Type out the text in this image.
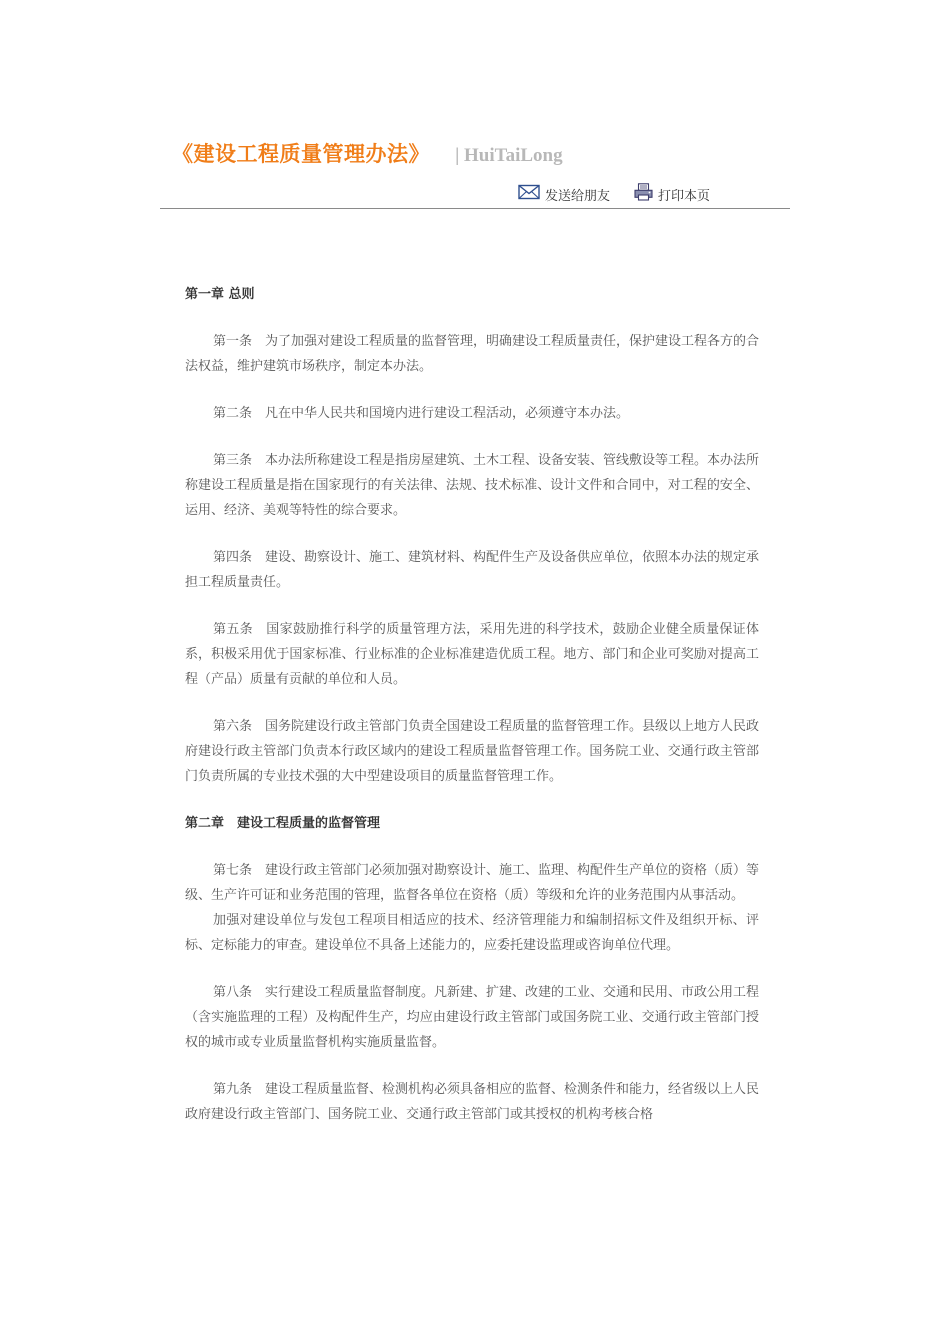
《建设工程质量管理办法》 | HuiTaiLong
发送给朋友	打印本页

第一章 总则

第一条　为了加强对建设工程质量的监督管理，明确建设工程质量责任，保护建设工程各方的合法权益，维护建筑市场秩序，制定本办法。

第二条　凡在中华人民共和国境内进行建设工程活动，必须遵守本办法。

第三条　本办法所称建设工程是指房屋建筑、土木工程、设备安装、管线敷设等工程。本办法所称建设工程质量是指在国家现行的有关法律、法规、技术标准、设计文件和合同中，对工程的安全、运用、经济、美观等特性的综合要求。

第四条　建设、勘察设计、施工、建筑材料、构配件生产及设备供应单位，依照本办法的规定承担工程质量责任。

第五条　国家鼓励推行科学的质量管理方法，采用先进的科学技术，鼓励企业健全质量保证体系，积极采用优于国家标准、行业标准的企业标准建造优质工程。地方、部门和企业可奖励对提高工程（产品）质量有贡献的单位和人员。

第六条　国务院建设行政主管部门负责全国建设工程质量的监督管理工作。县级以上地方人民政府建设行政主管部门负责本行政区域内的建设工程质量监督管理工作。国务院工业、交通行政主管部门负责所属的专业技术强的大中型建设项目的质量监督管理工作。

第二章　建设工程质量的监督管理

第七条　建设行政主管部门必须加强对勘察设计、施工、监理、构配件生产单位的资格（质）等级、生产许可证和业务范围的管理，监督各单位在资格（质）等级和允许的业务范围内从事活动。

加强对建设单位与发包工程项目相适应的技术、经济管理能力和编制招标文件及组织开标、评标、定标能力的审查。建设单位不具备上述能力的，应委托建设监理或咨询单位代理。

第八条　实行建设工程质量监督制度。凡新建、扩建、改建的工业、交通和民用、市政公用工程（含实施监理的工程）及构配件生产，均应由建设行政主管部门或国务院工业、交通行政主管部门授权的城市或专业质量监督机构实施质量监督。

第九条　建设工程质量监督、检测机构必须具备相应的监督、检测条件和能力，经省级以上人民政府建设行政主管部门、国务院工业、交通行政主管部门或其授权的机构考核合格
